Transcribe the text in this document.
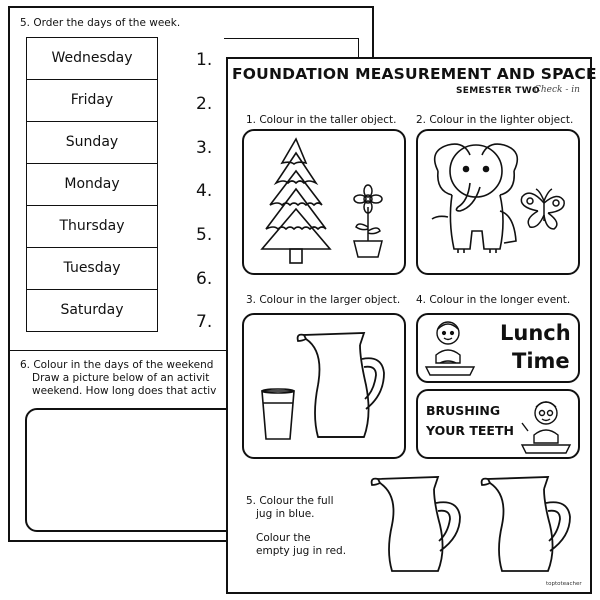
5. Order the days of the week.
Wednesday
Friday
Sunday
Monday
Thursday
Tuesday
Saturday
1.
2.
3.
4.
5.
6.
7.
6. Colour in the days of the weekend
Draw a picture below of an activit
weekend. How long does that activ
FOUNDATION MEASUREMENT AND SPACE
SEMESTER TWO
Check - in
1. Colour in the taller object. 2. Colour in the lighter object.
3. Colour in the larger object. 4. Colour in the longer event.
Lunch
Time
BRUSHING
YOUR TEETH
5. Colour the full
jug in blue.
Colour the
empty jug in red.
toptoteacher
